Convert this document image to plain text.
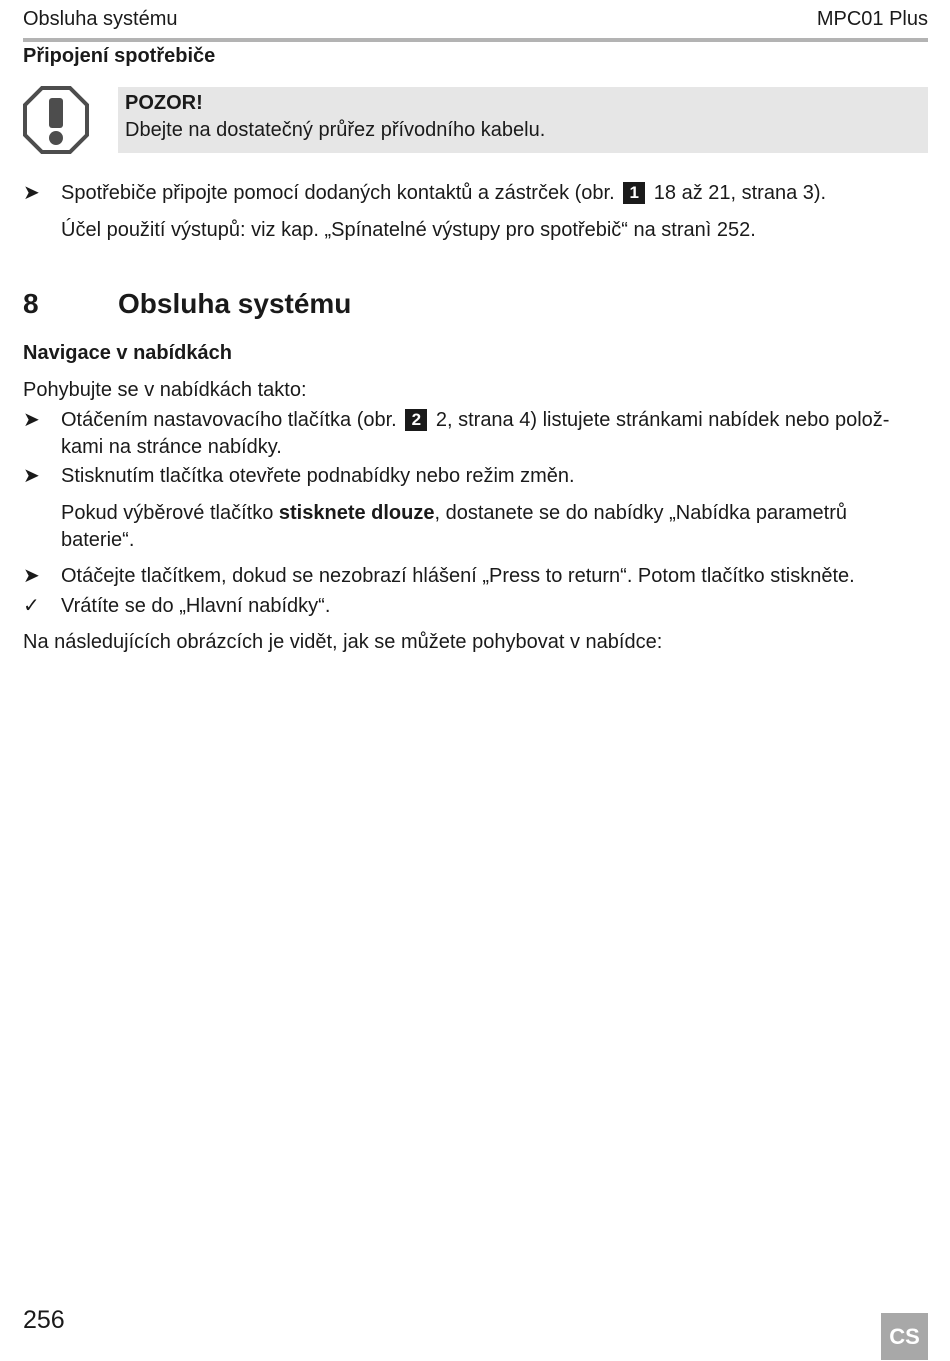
Obsluha systému	MPC01 Plus
Připojení spotřebiče
POZOR!
Dbejte na dostatečný průřez přívodního kabelu.
➤	Spotřebiče připojte pomocí dodaných kontaktů a zástrček (obr. 1 18 až 21, strana 3).
Účel použití výstupů: viz kap. „Spínatelné výstupy pro spotřebič“ na stranì 252.
8	Obsluha systému
Navigace v nabídkách
Pohybujte se v nabídkách takto:
➤	Otáčením nastavovacího tlačítka (obr. 2 2, strana 4) listujete stránkami nabídek nebo polož-
kami na stránce nabídky.
➤	Stisknutím tlačítka otevřete podnabídky nebo režim změn.
Pokud výběrové tlačítko stisknete dlouze, dostanete se do nabídky „Nabídka parametrů
baterie“.
➤	Otáčejte tlačítkem, dokud se nezobrazí hlášení „Press to return“. Potom tlačítko stiskněte.
✓	Vrátíte se do „Hlavní nabídky“.
Na následujících obrázcích je vidět, jak se můžete pohybovat v nabídce:
256
CS
